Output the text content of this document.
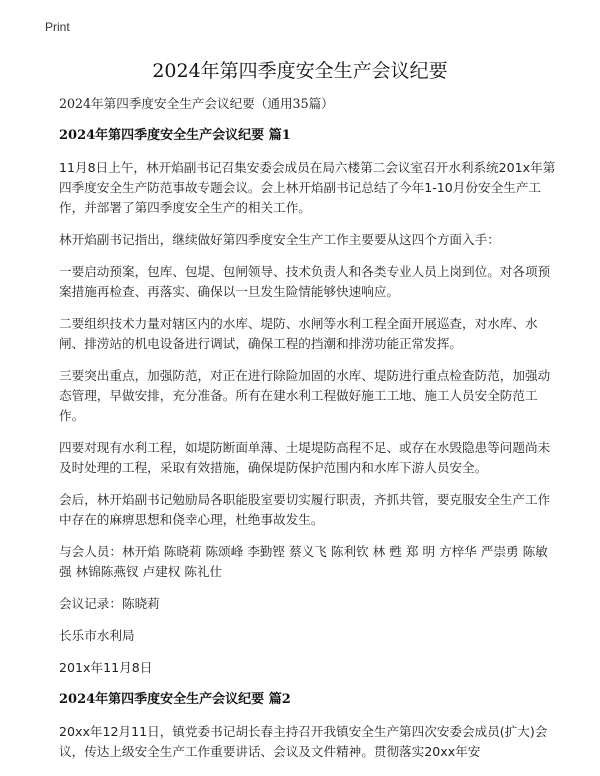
Print
2024年第四季度安全生产会议纪要

2024年第四季度安全生产会议纪要（通用35篇）

2024年第四季度安全生产会议纪要 篇1

11月8日上午，林开焰副书记召集安委会成员在局六楼第二会议室召开水利系统201x年第四季度安全生产防范事故专题会议。会上林开焰副书记总结了今年1-10月份安全生产工作，并部署了第四季度安全生产的相关工作。

林开焰副书记指出，继续做好第四季度安全生产工作主要要从这四个方面入手：

一要启动预案，包库、包堤、包闸领导、技术负责人和各类专业人员上岗到位。对各项预案措施再检查、再落实、确保以一旦发生险情能够快速响应。

二要组织技术力量对辖区内的水库、堤防、水闸等水利工程全面开展巡查，对水库、水闸、排涝站的机电设备进行调试，确保工程的挡潮和排涝功能正常发挥。

三要突出重点，加强防范，对正在进行除险加固的水库、堤防进行重点检查防范，加强动态管理，早做安排，充分准备。所有在建水利工程做好施工工地、施工人员安全防范工作。

四要对现有水利工程，如堤防断面单薄、土堤堤防高程不足、或存在水毁隐患等问题尚未及时处理的工程，采取有效措施，确保堤防保护范围内和水库下游人员安全。

会后，林开焰副书记勉励局各职能股室要切实履行职责，齐抓共管，要克服安全生产工作中存在的麻痹思想和侥幸心理，杜绝事故发生。

与会人员：林开焰 陈晓莉 陈颂峰 李勤铿 蔡义飞 陈利钦 林 甦 郑 明 方梓华 严崇勇 陈敏强 林锦陈燕钗 卢建权 陈礼仕

会议记录：陈晓莉

长乐市水利局

201x年11月8日

2024年第四季度安全生产会议纪要 篇2

20xx年12月11日，镇党委书记胡长春主持召开我镇安全生产第四次安委会成员(扩大)会议，传达上级安全生产工作重要讲话、会议及文件精神。贯彻落实20xx年安
